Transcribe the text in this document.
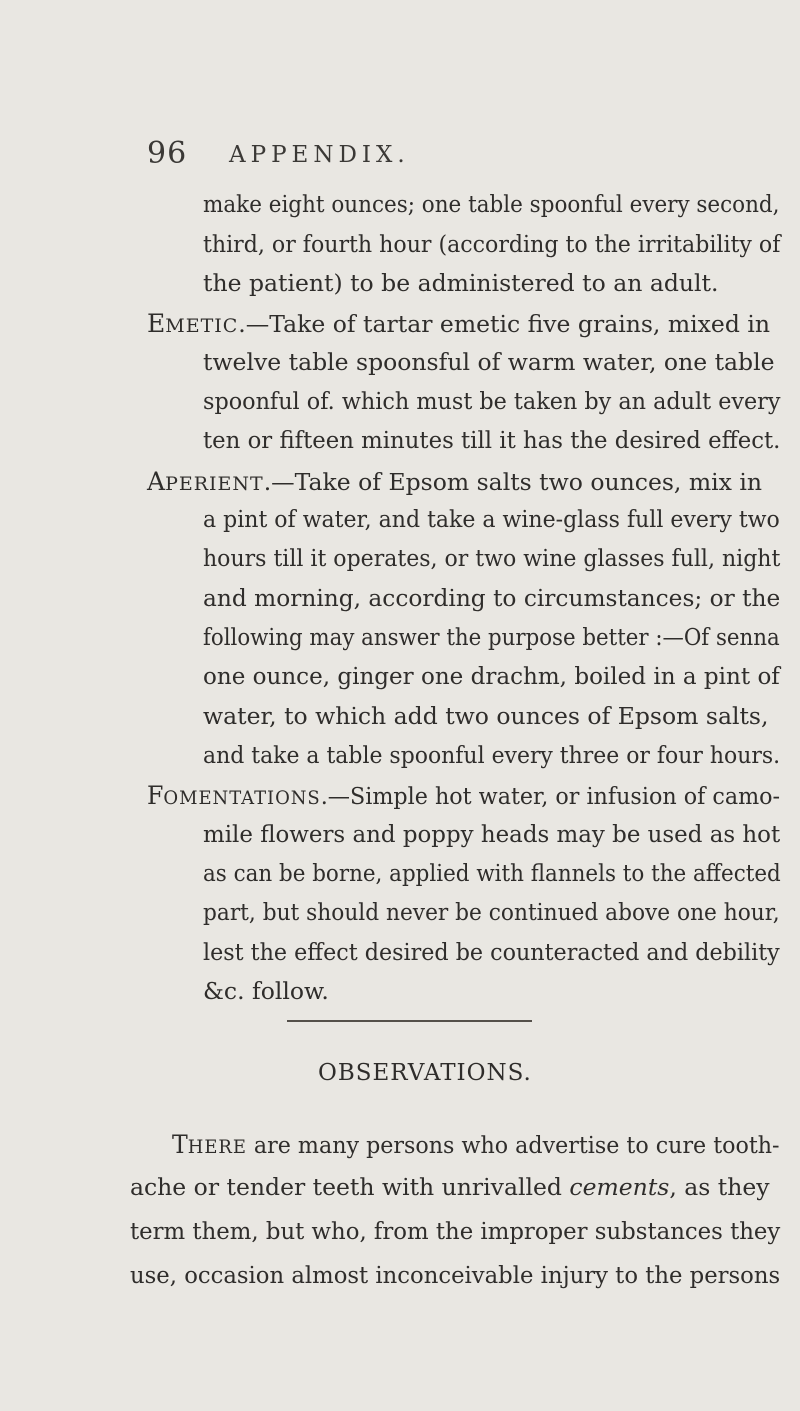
96 APPENDIX.
make eight ounces; one table spoonful every second,
third, or fourth hour (according to the irritability of
the patient) to be administered to an adult.
EMETIC.—Take of tartar emetic five grains, mixed in
twelve table spoonsful of warm water, one table
spoonful of. which must be taken by an adult every
ten or fifteen minutes till it has the desired effect.
APERIENT.—Take of Epsom salts two ounces, mix in
a pint of water, and take a wine-glass full every two
hours till it operates, or two wine glasses full, night
and morning, according to circumstances; or the
following may answer the purpose better :—Of senna
one ounce, ginger one drachm, boiled in a pint of
water, to which add two ounces of Epsom salts,
and take a table spoonful every three or four hours.
FOMENTATIONS.—Simple hot water, or infusion of camo-
mile flowers and poppy heads may be used as hot
as can be borne, applied with flannels to the affected
part, but should never be continued above one hour,
lest the effect desired be counteracted and debility
&c. follow.
OBSERVATIONS.
THERE are many persons who advertise to cure tooth-
ache or tender teeth with unrivalled cements, as they
term them, but who, from the improper substances they
use, occasion almost inconceivable injury to the persons
